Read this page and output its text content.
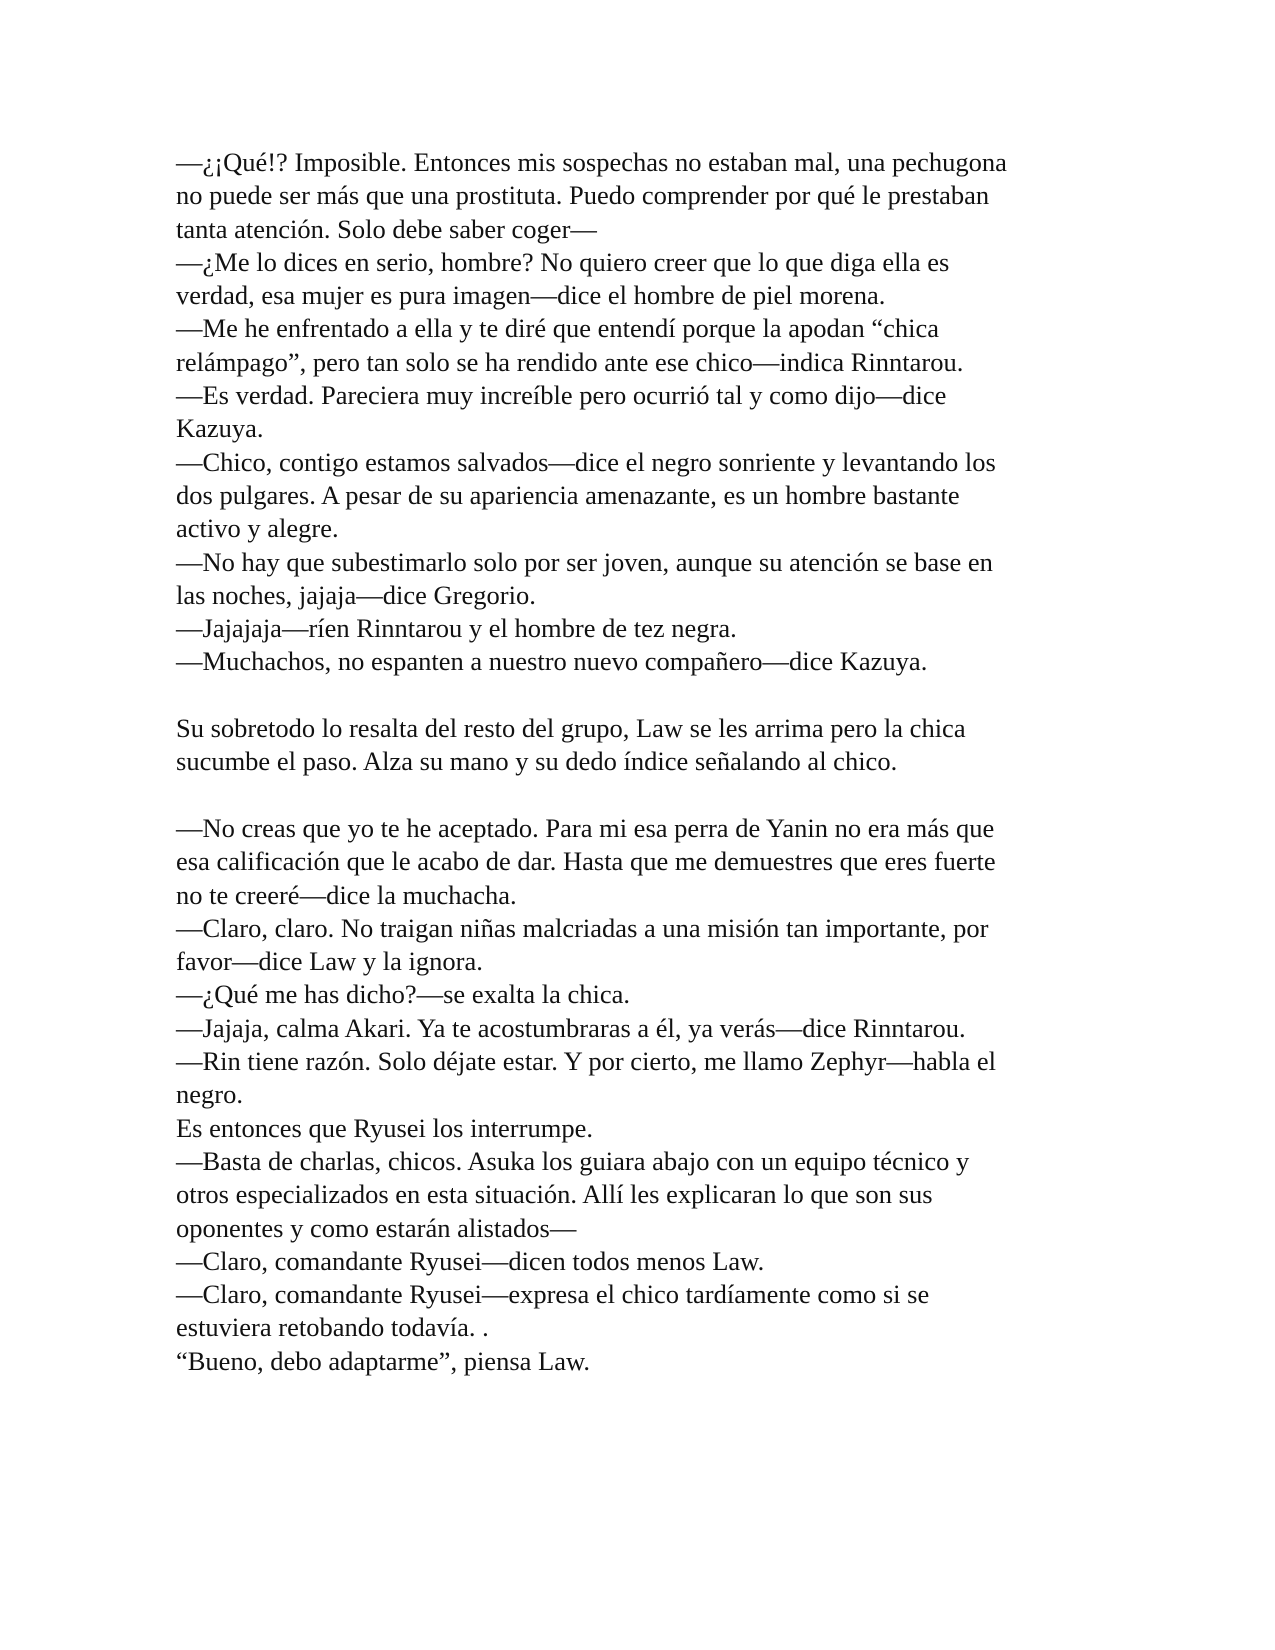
—¿¡Qué!? Imposible. Entonces mis sospechas no estaban mal, una pechugona
no puede ser más que una prostituta. Puedo comprender por qué le prestaban
tanta atención. Solo debe saber coger—

—¿Me lo dices en serio, hombre? No quiero creer que lo que diga ella es
verdad, esa mujer es pura imagen—dice el hombre de piel morena.

—Me he enfrentado a ella y te diré que entendí porque la apodan “chica
relámpago”, pero tan solo se ha rendido ante ese chico—indica Rinntarou.

—Es verdad. Pareciera muy increíble pero ocurrió tal y como dijo—dice
Kazuya.

—Chico, contigo estamos salvados—dice el negro sonriente y levantando los
dos pulgares. A pesar de su apariencia amenazante, es un hombre bastante
activo y alegre.

—No hay que subestimarlo solo por ser joven, aunque su atención se base en
las noches, jajaja—dice Gregorio.

—Jajajaja—ríen Rinntarou y el hombre de tez negra.

—Muchachos, no espanten a nuestro nuevo compañero—dice Kazuya.

Su sobretodo lo resalta del resto del grupo, Law se les arrima pero la chica
sucumbe el paso. Alza su mano y su dedo índice señalando al chico.

—No creas que yo te he aceptado. Para mi esa perra de Yanin no era más que
esa calificación que le acabo de dar. Hasta que me demuestres que eres fuerte
no te creeré—dice la muchacha.

—Claro, claro. No traigan niñas malcriadas a una misión tan importante, por
favor—dice Law y la ignora.

—¿Qué me has dicho?—se exalta la chica.

—Jajaja, calma Akari. Ya te acostumbraras a él, ya verás—dice Rinntarou.

—Rin tiene razón. Solo déjate estar. Y por cierto, me llamo Zephyr—habla el
negro.

Es entonces que Ryusei los interrumpe.

—Basta de charlas, chicos. Asuka los guiara abajo con un equipo técnico y
otros especializados en esta situación. Allí les explicaran lo que son sus
oponentes y como estarán alistados—

—Claro, comandante Ryusei—dicen todos menos Law.

—Claro, comandante Ryusei—expresa el chico tardíamente como si se
estuviera retobando todavía. .

“Bueno, debo adaptarme”, piensa Law.
